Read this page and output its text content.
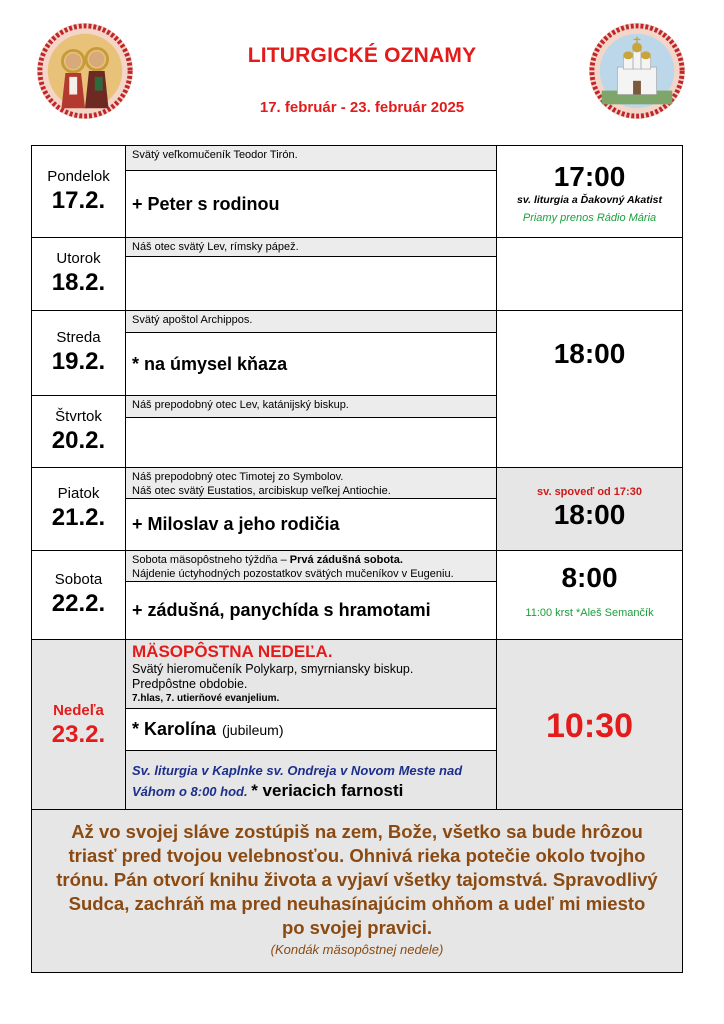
LITURGICKÉ OZNAMY
17. február - 23. február 2025
Pondelok
17.2.
Svätý veľkomučeník Teodor Tirón.
+ Peter s rodinou
17:00
sv. liturgia a Ďakovný Akatist
Priamy prenos Rádio Mária
Utorok
18.2.
Náš otec svätý Lev, rímsky pápež.
Streda
19.2.
Svätý apoštol Archippos.
* na úmysel kňaza
Štvrtok
20.2.
Náš prepodobný otec Lev, katánijský biskup.
18:00
Piatok
21.2.
Náš prepodobný otec Timotej zo Symbolov.
Náš otec svätý Eustatios, arcibiskup veľkej Antiochie.
+ Miloslav a jeho rodičia
sv. spoveď od 17:30
18:00
Sobota
22.2.
Sobota mäsopôstneho týždňa – Prvá zádušná sobota.
Nájdenie úctyhodných pozostatkov svätých mučeníkov v Eugeniu.
+ zádušná, panychída s hramotami
8:00
11:00 krst *Aleš Semančík
Nedeľa
23.2.
MÄSOPÔSTNA NEDEĽA.
Svätý hieromučeník Polykarp, smyrniansky biskup.
Predpôstne obdobie.
7.hlas, 7. utierňové evanjelium.
* Karolína (jubileum)
Sv. liturgia v Kaplnke sv. Ondreja v Novom Meste nad Váhom o 8:00 hod. * veriacich farnosti
10:30
Až vo svojej sláve zostúpiš na zem, Bože, všetko sa bude hrôzou triasť pred tvojou velebnosťou. Ohnivá rieka potečie okolo tvojho trónu. Pán otvorí knihu života a vyjaví všetky tajomstvá. Spravodlivý Sudca, zachráň ma pred neuhasínajúcim ohňom a udeľ mi miesto po svojej pravici.
(Kondák mäsopôstnej nedele)
